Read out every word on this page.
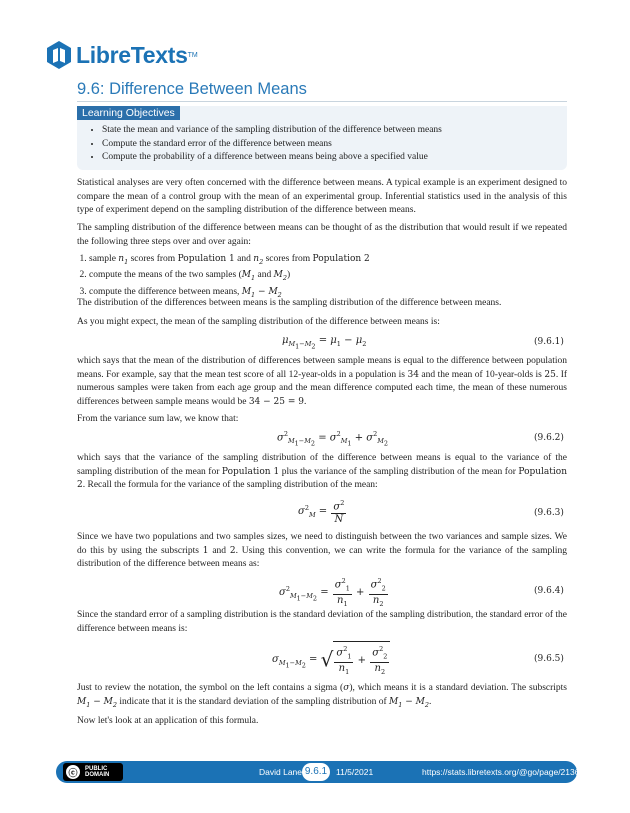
LibreTexts TM
9.6: Difference Between Means
Learning Objectives
• State the mean and variance of the sampling distribution of the difference between means
• Compute the standard error of the difference between means
• Compute the probability of a difference between means being above a specified value
Statistical analyses are very often concerned with the difference between means. A typical example is an experiment designed to compare the mean of a control group with the mean of an experimental group. Inferential statistics used in the analysis of this type of experiment depend on the sampling distribution of the difference between means.
The sampling distribution of the difference between means can be thought of as the distribution that would result if we repeated the following three steps over and over again:
1. sample $n_1$ scores from Population 1 and $n_2$ scores from Population 2
2. compute the means of the two samples ($M_1$ and $M_2$)
3. compute the difference between means, $M_1 - M_2$
The distribution of the differences between means is the sampling distribution of the difference between means.
As you might expect, the mean of the sampling distribution of the difference between means is:
$\mu_{M_1-M_2} = \mu_1 - \mu_2$	(9.6.1)
which says that the mean of the distribution of differences between sample means is equal to the difference between population means. For example, say that the mean test score of all 12-year-olds in a population is 34 and the mean of 10-year-olds is 25. If numerous samples were taken from each age group and the mean difference computed each time, the mean of these numerous differences between sample means would be 34 − 25 = 9.
From the variance sum law, we know that:
$\sigma^2_{M_1-M_2} = \sigma^2_{M_1} + \sigma^2_{M_2}$
(9.6.2)
which says that the variance of the sampling distribution of the difference between means is equal to the variance of the sampling distribution of the mean for Population 1 plus the variance of the sampling distribution of the mean for Population 2. Recall the formula for the variance of the sampling distribution of the mean:
$\sigma^2_M = \frac{\sigma^2}{N}$	(9.6.3)
Since we have two populations and two samples sizes, we need to distinguish between the two variances and sample sizes. We do this by using the subscripts 1 and 2. Using this convention, we can write the formula for the variance of the sampling distribution of the difference between means as:
$\sigma^2_{M_1-M_2} = \frac{\sigma^2_1}{n_1} + \frac{\sigma^2_2}{n_2}$	(9.6.4)
Since the standard error of a sampling distribution is the standard deviation of the sampling distribution, the standard error of the difference between means is:
$\sigma_{M_1-M_2}$ = √ $\frac{\sigma^2_1}{n_1} + \frac{\sigma^2_2}{n_2}$	(9.6.5)
Just to review the notation, the symbol on the left contains a sigma (σ), which means it is a standard deviation. The subscripts $M_1 - M_2$ indicate that it is the standard deviation of the sampling distribution of $M_1 - M_2$.
Now let's look at an application of this formula.
ⓒ	PUBLIC
DOMAIN	David Lane 9.6.1	11/5/2021	https://stats.libretexts.org/@go/page/2136
